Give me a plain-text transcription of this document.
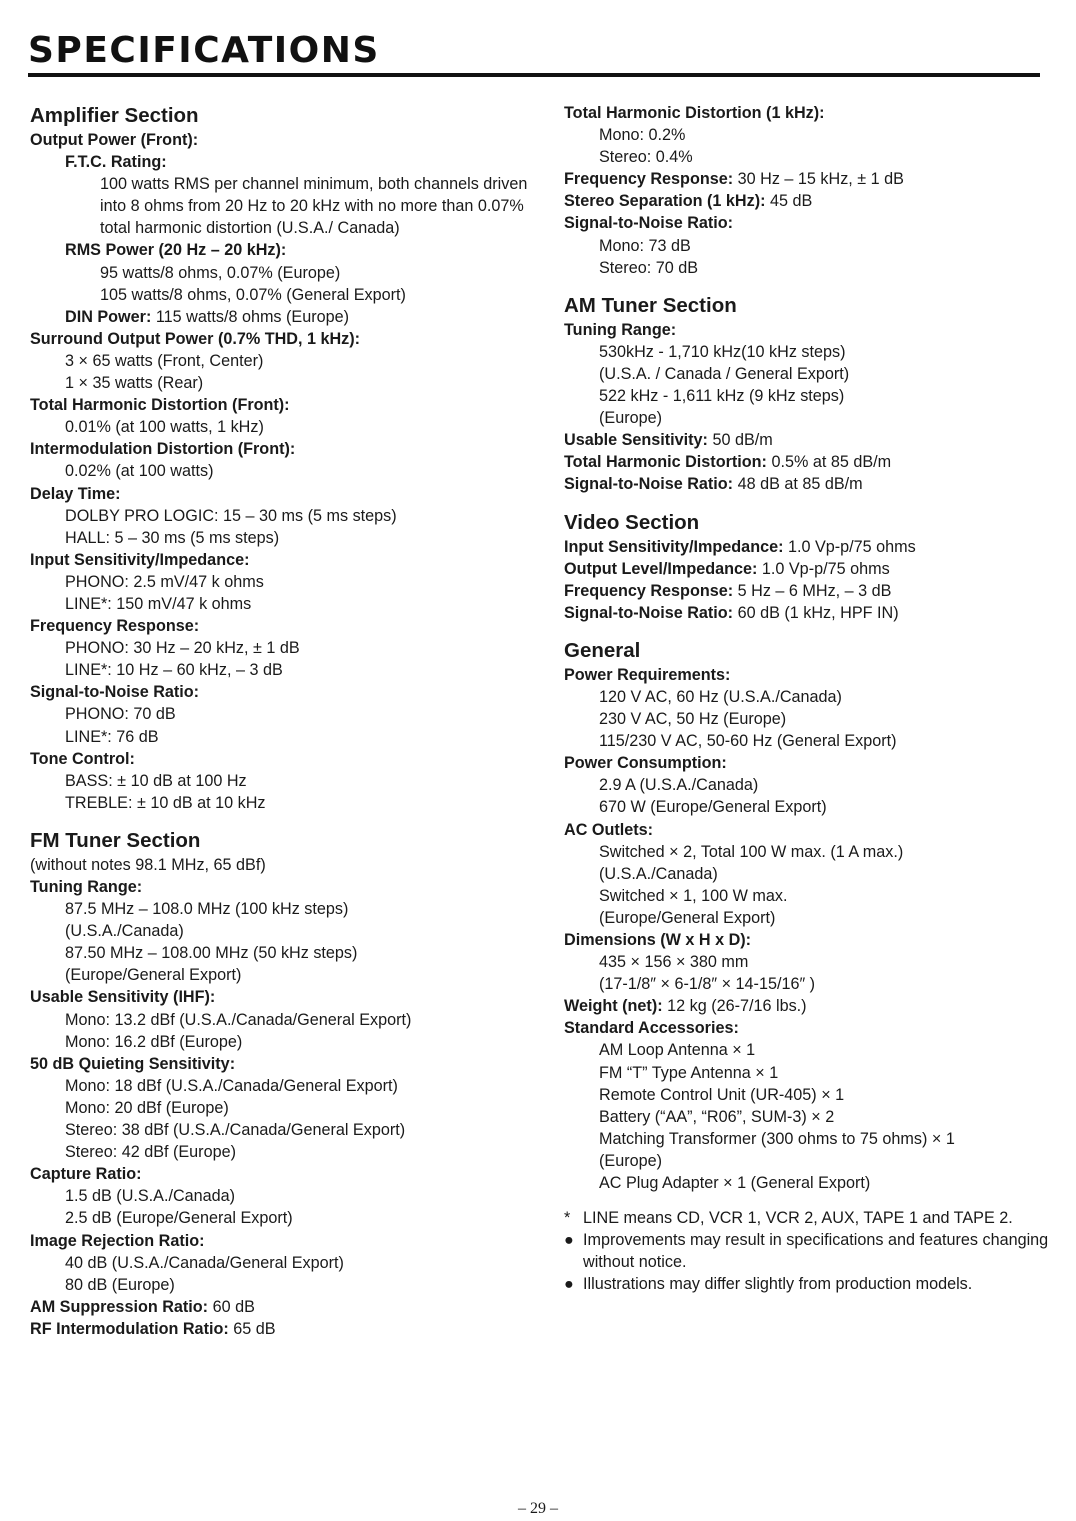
SPECIFICATIONS
Amplifier Section
Output Power (Front):
F.T.C. Rating:
100 watts RMS per channel minimum, both channels driven into 8 ohms from 20 Hz to 20 kHz with no more than 0.07% total harmonic distortion (U.S.A./ Canada)
RMS Power (20 Hz – 20 kHz):
95 watts/8 ohms, 0.07% (Europe)
105 watts/8 ohms, 0.07% (General Export)
DIN Power: 115 watts/8 ohms (Europe)
Surround Output Power (0.7% THD, 1 kHz):
3 × 65 watts (Front, Center)
1 × 35 watts (Rear)
Total Harmonic Distortion (Front):
0.01% (at 100 watts, 1 kHz)
Intermodulation Distortion (Front):
0.02% (at 100 watts)
Delay Time:
DOLBY PRO LOGIC: 15 – 30 ms (5 ms steps)
HALL: 5 – 30 ms (5 ms steps)
Input Sensitivity/Impedance:
PHONO: 2.5 mV/47 k ohms
LINE*: 150 mV/47 k ohms
Frequency Response:
PHONO: 30 Hz – 20 kHz, ± 1 dB
LINE*: 10 Hz – 60 kHz, – 3 dB
Signal-to-Noise Ratio:
PHONO: 70 dB
LINE*: 76 dB
Tone Control:
BASS: ± 10 dB at 100 Hz
TREBLE: ± 10 dB at 10 kHz
FM Tuner Section
(without notes 98.1 MHz, 65 dBf)
Tuning Range:
87.5 MHz – 108.0 MHz (100 kHz steps)
(U.S.A./Canada)
87.50 MHz – 108.00 MHz (50 kHz steps)
(Europe/General Export)
Usable Sensitivity (IHF):
Mono: 13.2 dBf (U.S.A./Canada/General Export)
Mono: 16.2 dBf (Europe)
50 dB Quieting Sensitivity:
Mono: 18 dBf (U.S.A./Canada/General Export)
Mono: 20 dBf (Europe)
Stereo: 38 dBf (U.S.A./Canada/General Export)
Stereo: 42 dBf (Europe)
Capture Ratio:
1.5 dB (U.S.A./Canada)
2.5 dB (Europe/General Export)
Image Rejection Ratio:
40 dB (U.S.A./Canada/General Export)
80 dB (Europe)
AM Suppression Ratio: 60 dB
RF Intermodulation Ratio: 65 dB
Total Harmonic Distortion (1 kHz):
Mono: 0.2%
Stereo: 0.4%
Frequency Response: 30 Hz – 15 kHz, ± 1 dB
Stereo Separation (1 kHz): 45 dB
Signal-to-Noise Ratio:
Mono: 73 dB
Stereo: 70 dB
AM Tuner Section
Tuning Range:
530kHz - 1,710 kHz(10 kHz steps)
(U.S.A. / Canada / General Export)
522 kHz - 1,611 kHz (9 kHz steps)
(Europe)
Usable Sensitivity: 50 dB/m
Total Harmonic Distortion: 0.5% at 85 dB/m
Signal-to-Noise Ratio: 48 dB at 85 dB/m
Video Section
Input Sensitivity/Impedance: 1.0 Vp-p/75 ohms
Output Level/Impedance: 1.0 Vp-p/75 ohms
Frequency Response: 5 Hz – 6 MHz, – 3 dB
Signal-to-Noise Ratio: 60 dB (1 kHz, HPF IN)
General
Power Requirements:
120 V AC, 60 Hz (U.S.A./Canada)
230 V AC, 50 Hz (Europe)
115/230 V AC, 50-60 Hz (General Export)
Power Consumption:
2.9 A (U.S.A./Canada)
670 W (Europe/General Export)
AC Outlets:
Switched × 2, Total 100 W max. (1 A max.)
(U.S.A./Canada)
Switched × 1, 100 W max.
(Europe/General Export)
Dimensions (W x H x D):
435 × 156 × 380 mm
(17-1/8″ × 6-1/8″ × 14-15/16″ )
Weight (net): 12 kg (26-7/16 lbs.)
Standard Accessories:
AM Loop Antenna × 1
FM “T” Type Antenna × 1
Remote Control Unit (UR-405) × 1
Battery (“AA”, “R06”, SUM-3) × 2
Matching Transformer (300 ohms to 75 ohms) × 1
(Europe)
AC Plug Adapter × 1 (General Export)
* LINE means CD, VCR 1, VCR 2, AUX, TAPE 1 and TAPE 2.
● Improvements may result in specifications and features changing without notice.
● Illustrations may differ slightly from production models.
– 29 –
